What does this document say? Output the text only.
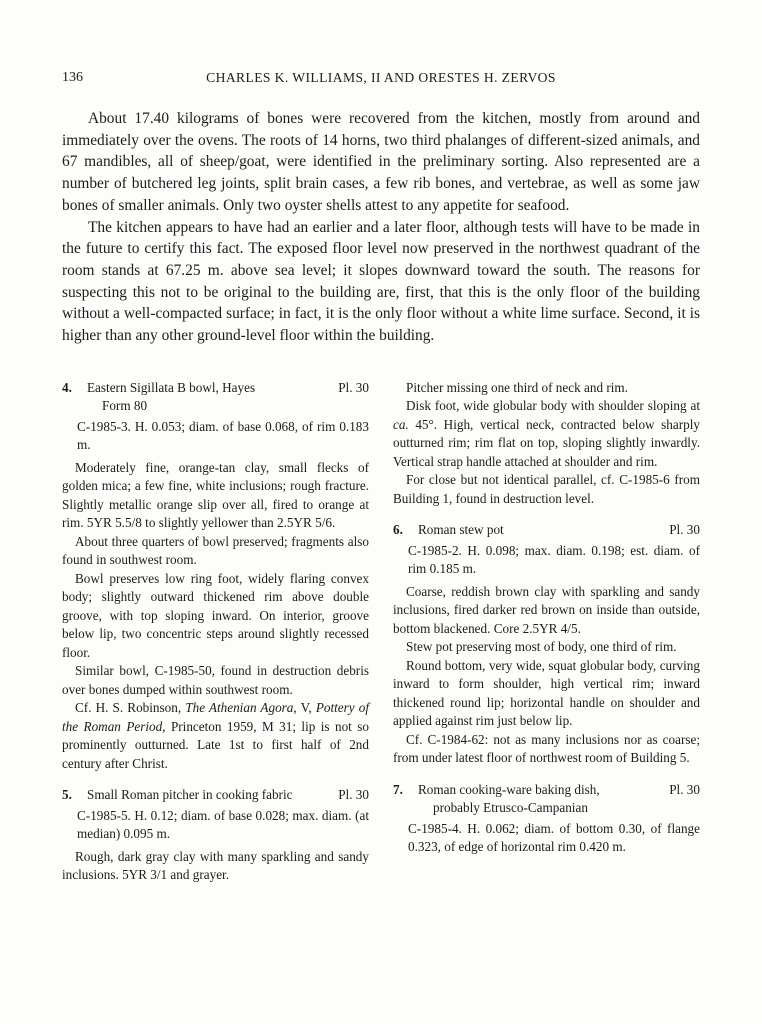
136	CHARLES K. WILLIAMS, II AND ORESTES H. ZERVOS

About 17.40 kilograms of bones were recovered from the kitchen, mostly from around and immediately over the ovens. The roots of 14 horns, two third phalanges of different-sized animals, and 67 mandibles, all of sheep/goat, were identified in the preliminary sorting. Also represented are a number of butchered leg joints, split brain cases, a few rib bones, and vertebrae, as well as some jaw bones of smaller animals. Only two oyster shells attest to any appetite for seafood.

The kitchen appears to have had an earlier and a later floor, although tests will have to be made in the future to certify this fact. The exposed floor level now preserved in the northwest quadrant of the room stands at 67.25 m. above sea level; it slopes downward toward the south. The reasons for suspecting this not to be original to the building are, first, that this is the only floor of the building without a well-compacted surface; in fact, it is the only floor without a white lime surface. Second, it is higher than any other ground-level floor within the building.

4.	Eastern Sigillata B bowl, Hayes
Form 80
Pl. 30
C-1985-3. H. 0.053; diam. of base 0.068, of rim 0.183 m.

Moderately fine, orange-tan clay, small flecks of golden mica; a few fine, white inclusions; rough fracture. Slightly metallic orange slip over all, fired to orange at rim. 5YR 5.5/8 to slightly yellower than 2.5YR 5/6.

About three quarters of bowl preserved; fragments also found in southwest room.

Bowl preserves low ring foot, widely flaring convex body; slightly outward thickened rim above double groove, with top sloping inward. On interior, groove below lip, two concentric steps around slightly recessed floor.

Similar bowl, C-1985-50, found in destruction debris over bones dumped within southwest room.

Cf. H. S. Robinson, The Athenian Agora, V, Pottery of the Roman Period, Princeton 1959, M 31; lip is not so prominently outturned. Late 1st to first half of 2nd century after Christ.

5.	Small Roman pitcher in cooking fabric	Pl. 30
C-1985-5. H. 0.12; diam. of base 0.028; max. diam. (at median) 0.095 m.

Rough, dark gray clay with many sparkling and sandy inclusions. 5YR 3/1 and grayer.

Pitcher missing one third of neck and rim.

Disk foot, wide globular body with shoulder sloping at ca. 45°. High, vertical neck, contracted below sharply outturned rim; rim flat on top, sloping slightly inwardly. Vertical strap handle attached at shoulder and rim.

For close but not identical parallel, cf. C-1985-6 from Building 1, found in destruction level.

6.	Roman stew pot	Pl. 30
C-1985-2. H. 0.098; max. diam. 0.198; est. diam. of rim 0.185 m.

Coarse, reddish brown clay with sparkling and sandy inclusions, fired darker red brown on inside than outside, bottom blackened. Core 2.5YR 4/5.

Stew pot preserving most of body, one third of rim.

Round bottom, very wide, squat globular body, curving inward to form shoulder, high vertical rim; inward thickened round lip; horizontal handle on shoulder and applied against rim just below lip.

Cf. C-1984-62: not as many inclusions nor as coarse; from under latest floor of northwest room of Building 5.

7.	Roman cooking-ware baking dish,
probably Etrusco-Campanian
Pl. 30
C-1985-4. H. 0.062; diam. of bottom 0.30, of flange 0.323, of edge of horizontal rim 0.420 m.
